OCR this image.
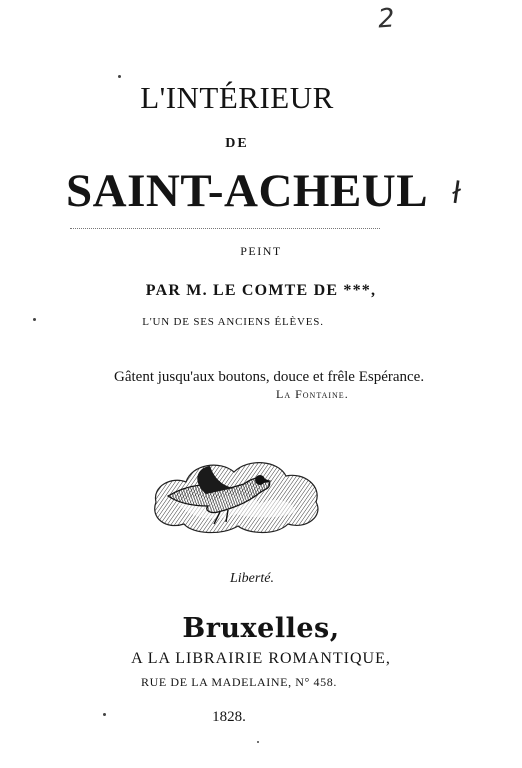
2
L'INTÉRIEUR
DE
SAINT-ACHEUL ł
PEINT
PAR M. LE COMTE DE ***,
L'UN DE SES ANCIENS ÉLÈVES.
Gâtent jusqu'aux boutons, douce et frêle Espérance.
La Fontaine.
Liberté.
Bruxelles,
A LA LIBRAIRIE ROMANTIQUE,
RUE DE LA MADELAINE, N° 458.
1828.
